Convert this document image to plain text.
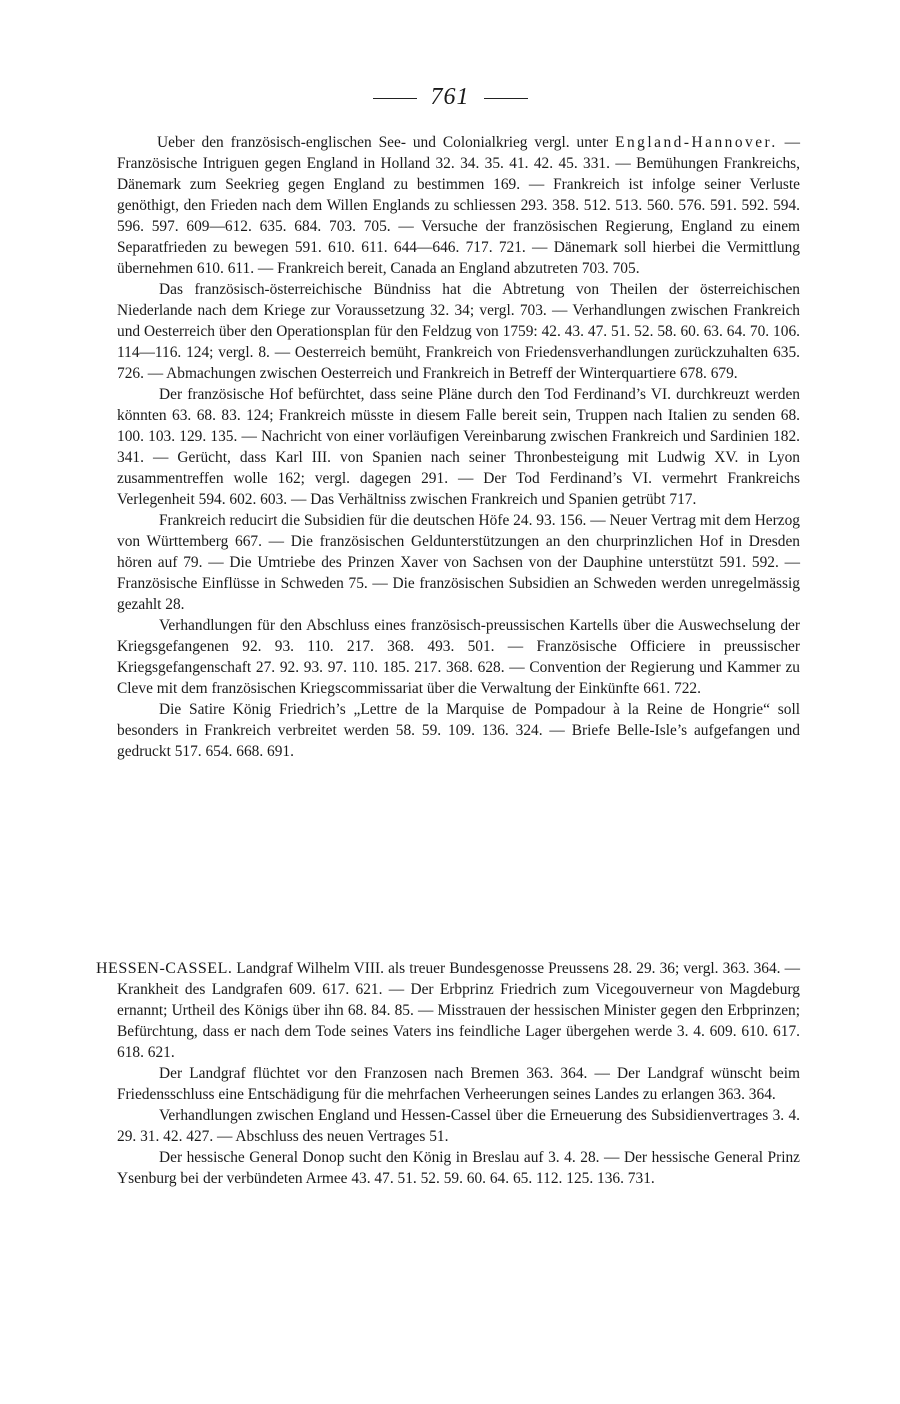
761

Ueber den französisch-englischen See- und Colonialkrieg vergl. unter England-Hannover. — Französische Intriguen gegen England in Holland 32. 34. 35. 41. 42. 45. 331. — Bemühungen Frankreichs, Dänemark zum Seekrieg gegen England zu bestimmen 169. — Frankreich ist infolge seiner Verluste genöthigt, den Frieden nach dem Willen Englands zu schliessen 293. 358. 512. 513. 560. 576. 591. 592. 594. 596. 597. 609—612. 635. 684. 703. 705. — Versuche der französischen Regierung, England zu einem Separatfrieden zu bewegen 591. 610. 611. 644—646. 717. 721. — Dänemark soll hierbei die Vermittlung übernehmen 610. 611. — Frankreich bereit, Canada an England abzutreten 703. 705.

Das französisch-österreichische Bündniss hat die Abtretung von Theilen der österreichischen Niederlande nach dem Kriege zur Voraussetzung 32. 34; vergl. 703. — Verhandlungen zwischen Frankreich und Oesterreich über den Operationsplan für den Feldzug von 1759: 42. 43. 47. 51. 52. 58. 60. 63. 64. 70. 106. 114—116. 124; vergl. 8. — Oesterreich bemüht, Frankreich von Friedensverhandlungen zurückzuhalten 635. 726. — Abmachungen zwischen Oesterreich und Frankreich in Betreff der Winterquartiere 678. 679.

Der französische Hof befürchtet, dass seine Pläne durch den Tod Ferdinand’s VI. durchkreuzt werden könnten 63. 68. 83. 124; Frankreich müsste in diesem Falle bereit sein, Truppen nach Italien zu senden 68. 100. 103. 129. 135. — Nachricht von einer vorläufigen Vereinbarung zwischen Frankreich und Sardinien 182. 341. — Gerücht, dass Karl III. von Spanien nach seiner Thronbesteigung mit Ludwig XV. in Lyon zusammentreffen wolle 162; vergl. dagegen 291. — Der Tod Ferdinand’s VI. vermehrt Frankreichs Verlegenheit 594. 602. 603. — Das Verhältniss zwischen Frankreich und Spanien getrübt 717.

Frankreich reducirt die Subsidien für die deutschen Höfe 24. 93. 156. — Neuer Vertrag mit dem Herzog von Württemberg 667. — Die französischen Geldunterstützungen an den churprinzlichen Hof in Dresden hören auf 79. — Die Umtriebe des Prinzen Xaver von Sachsen von der Dauphine unterstützt 591. 592. — Französische Einflüsse in Schweden 75. — Die französischen Subsidien an Schweden werden unregelmässig gezahlt 28.

Verhandlungen für den Abschluss eines französisch-preussischen Kartells über die Auswechselung der Kriegsgefangenen 92. 93. 110. 217. 368. 493. 501. — Französische Officiere in preussischer Kriegsgefangenschaft 27. 92. 93. 97. 110. 185. 217. 368. 628. — Convention der Regierung und Kammer zu Cleve mit dem französischen Kriegscommissariat über die Verwaltung der Einkünfte 661. 722.

Die Satire König Friedrich’s „Lettre de la Marquise de Pompadour à la Reine de Hongrie“ soll besonders in Frankreich verbreitet werden 58. 59. 109. 136. 324. — Briefe Belle-Isle’s aufgefangen und gedruckt 517. 654. 668. 691.

HESSEN-CASSEL. Landgraf Wilhelm VIII. als treuer Bundesgenosse Preussens 28. 29. 36; vergl. 363. 364. — Krankheit des Landgrafen 609. 617. 621. — Der Erbprinz Friedrich zum Vicegouverneur von Magdeburg ernannt; Urtheil des Königs über ihn 68. 84. 85. — Misstrauen der hessischen Minister gegen den Erbprinzen; Befürchtung, dass er nach dem Tode seines Vaters ins feindliche Lager übergehen werde 3. 4. 609. 610. 617. 618. 621.

Der Landgraf flüchtet vor den Franzosen nach Bremen 363. 364. — Der Landgraf wünscht beim Friedensschluss eine Entschädigung für die mehrfachen Verheerungen seines Landes zu erlangen 363. 364.

Verhandlungen zwischen England und Hessen-Cassel über die Erneuerung des Subsidienvertrages 3. 4. 29. 31. 42. 427. — Abschluss des neuen Vertrages 51.

Der hessische General Donop sucht den König in Breslau auf 3. 4. 28. — Der hessische General Prinz Ysenburg bei der verbündeten Armee 43. 47. 51. 52. 59. 60. 64. 65. 112. 125. 136. 731.
